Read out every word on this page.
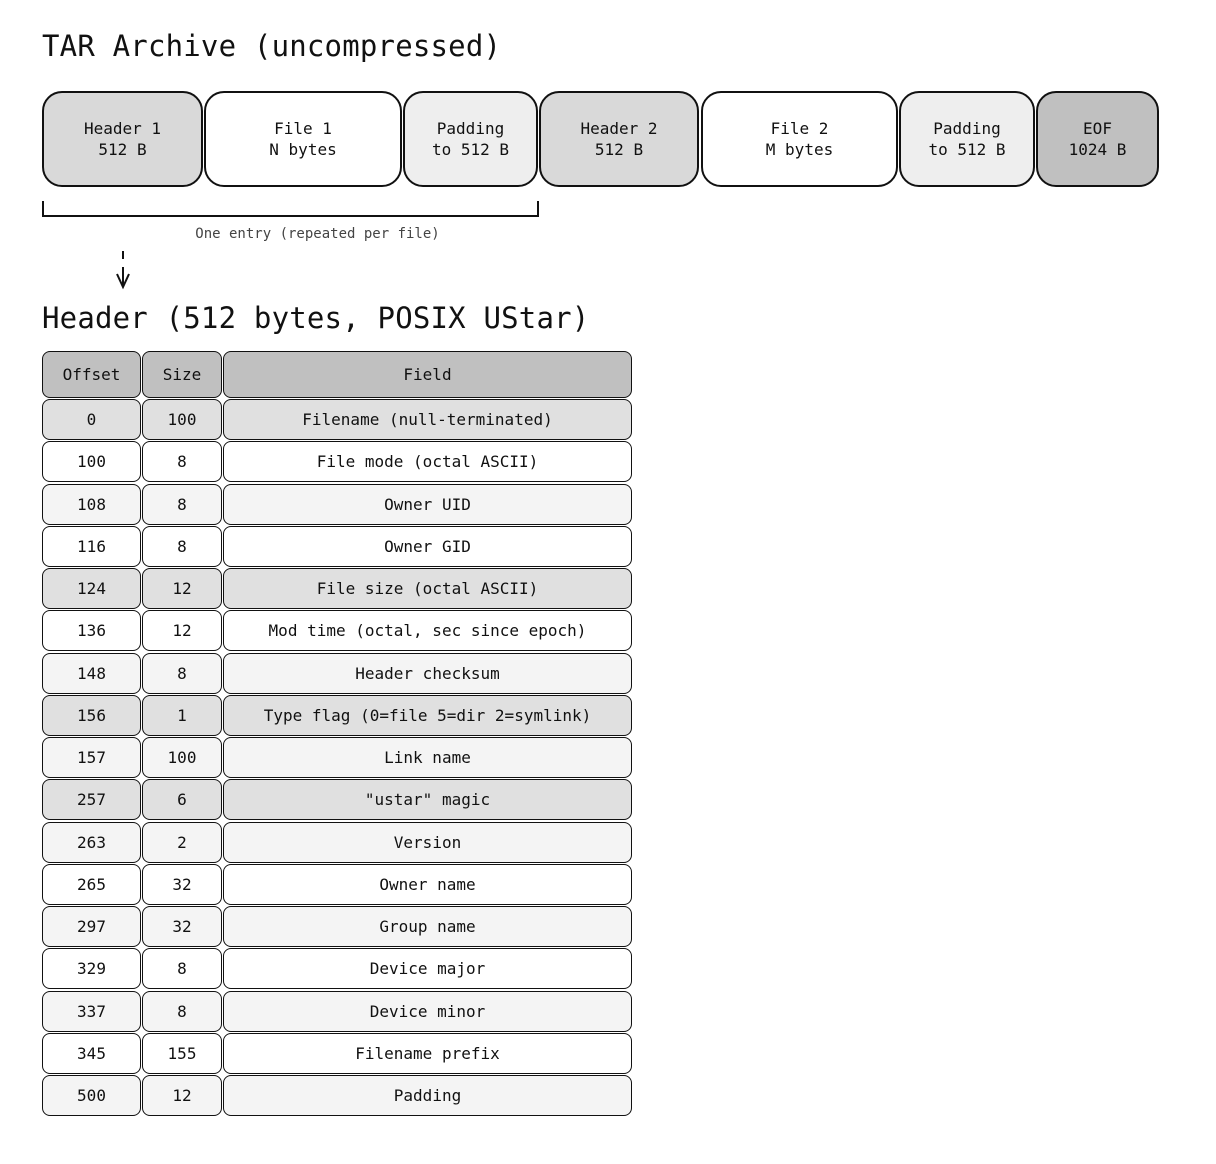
TAR Archive (uncompressed)
Header 1
512 B
File 1
N bytes
Padding
to 512 B
Header 2
512 B
File 2
M bytes
Padding
to 512 B
EOF
1024 B
One entry (repeated per file)
Header (512 bytes, POSIX UStar)
Offset	Size	Field
0	100	Filename (null-terminated)
100	8	File mode (octal ASCII)
108	8	Owner UID
116	8	Owner GID
124	12	File size (octal ASCII)
136	12	Mod time (octal, sec since epoch)
148	8	Header checksum
156	1	Type flag (0=file 5=dir 2=symlink)
157	100	Link name
257	6	"ustar" magic
263	2	Version
265	32	Owner name
297	32	Group name
329	8	Device major
337	8	Device minor
345	155	Filename prefix
500	12	Padding
